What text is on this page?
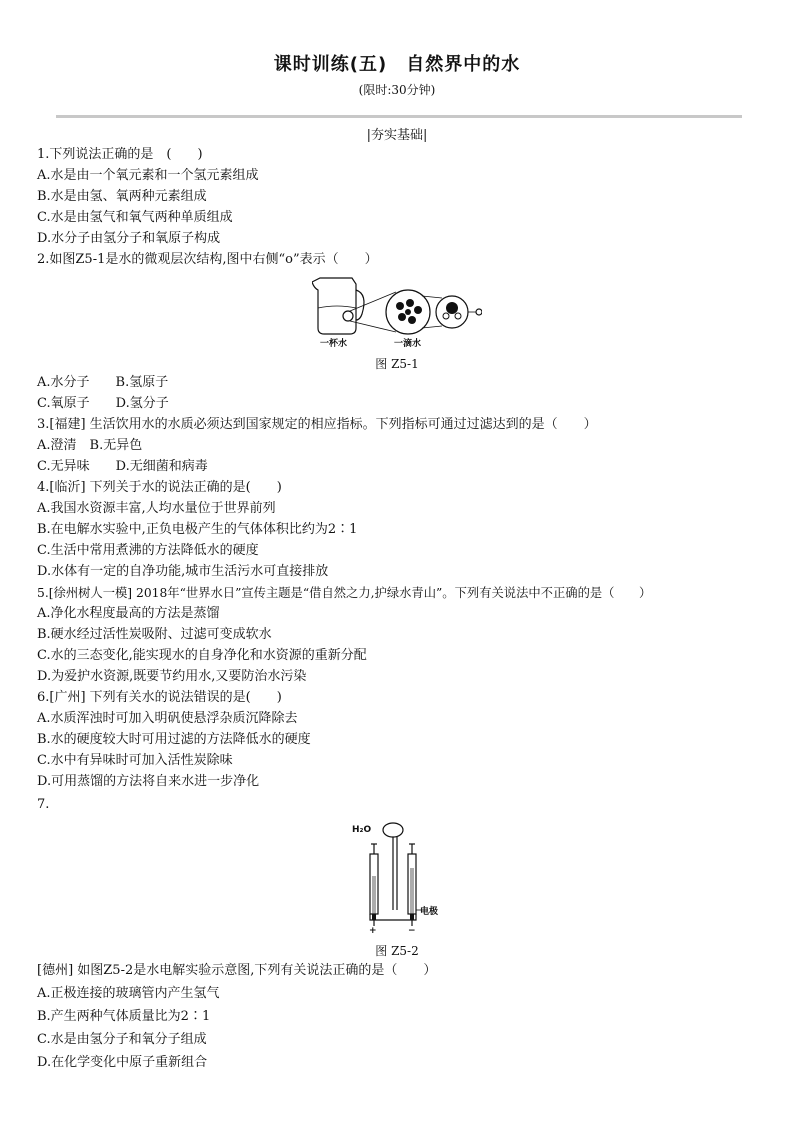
课时训练(五)　自然界中的水
(限时:30分钟)
|夯实基础|
1.下列说法正确的是　(　　)
A.水是由一个氧元素和一个氢元素组成
B.水是由氢、氧两种元素组成
C.水是由氢气和氧气两种单质组成
D.水分子由氢分子和氧原子构成
2.如图Z5-1是水的微观层次结构,图中右侧“o”表示（　　）
一杯水	一滴水
图 Z5-1
A.水分子　　B.氢原子
C.氧原子　　D.氢分子
3.[福建] 生活饮用水的水质必须达到国家规定的相应指标。下列指标可通过过滤达到的是（　　）
A.澄清　B.无异色
C.无异味　　D.无细菌和病毒
4.[临沂] 下列关于水的说法正确的是(　　)
A.我国水资源丰富,人均水量位于世界前列
B.在电解水实验中,正负电极产生的气体体积比约为2∶1
C.生活中常用煮沸的方法降低水的硬度
D.水体有一定的自净功能,城市生活污水可直接排放
5.[徐州树人一模] 2018年“世界水日”宣传主题是“借自然之力,护绿水青山”。下列有关说法中不正确的是（　　）
A.净化水程度最高的方法是蒸馏
B.硬水经过活性炭吸附、过滤可变成软水
C.水的三态变化,能实现水的自身净化和水资源的重新分配
D.为爱护水资源,既要节约用水,又要防治水污染
6.[广州] 下列有关水的说法错误的是(　　)
A.水质浑浊时可加入明矾使悬浮杂质沉降除去
B.水的硬度较大时可用过滤的方法降低水的硬度
C.水中有异味时可加入活性炭除味
D.可用蒸馏的方法将自来水进一步净化
7.
H₂O
电极
+	−
图 Z5-2
[德州] 如图Z5-2是水电解实验示意图,下列有关说法正确的是（　　）
A.正极连接的玻璃管内产生氢气
B.产生两种气体质量比为2∶1
C.水是由氢分子和氧分子组成
D.在化学变化中原子重新组合
